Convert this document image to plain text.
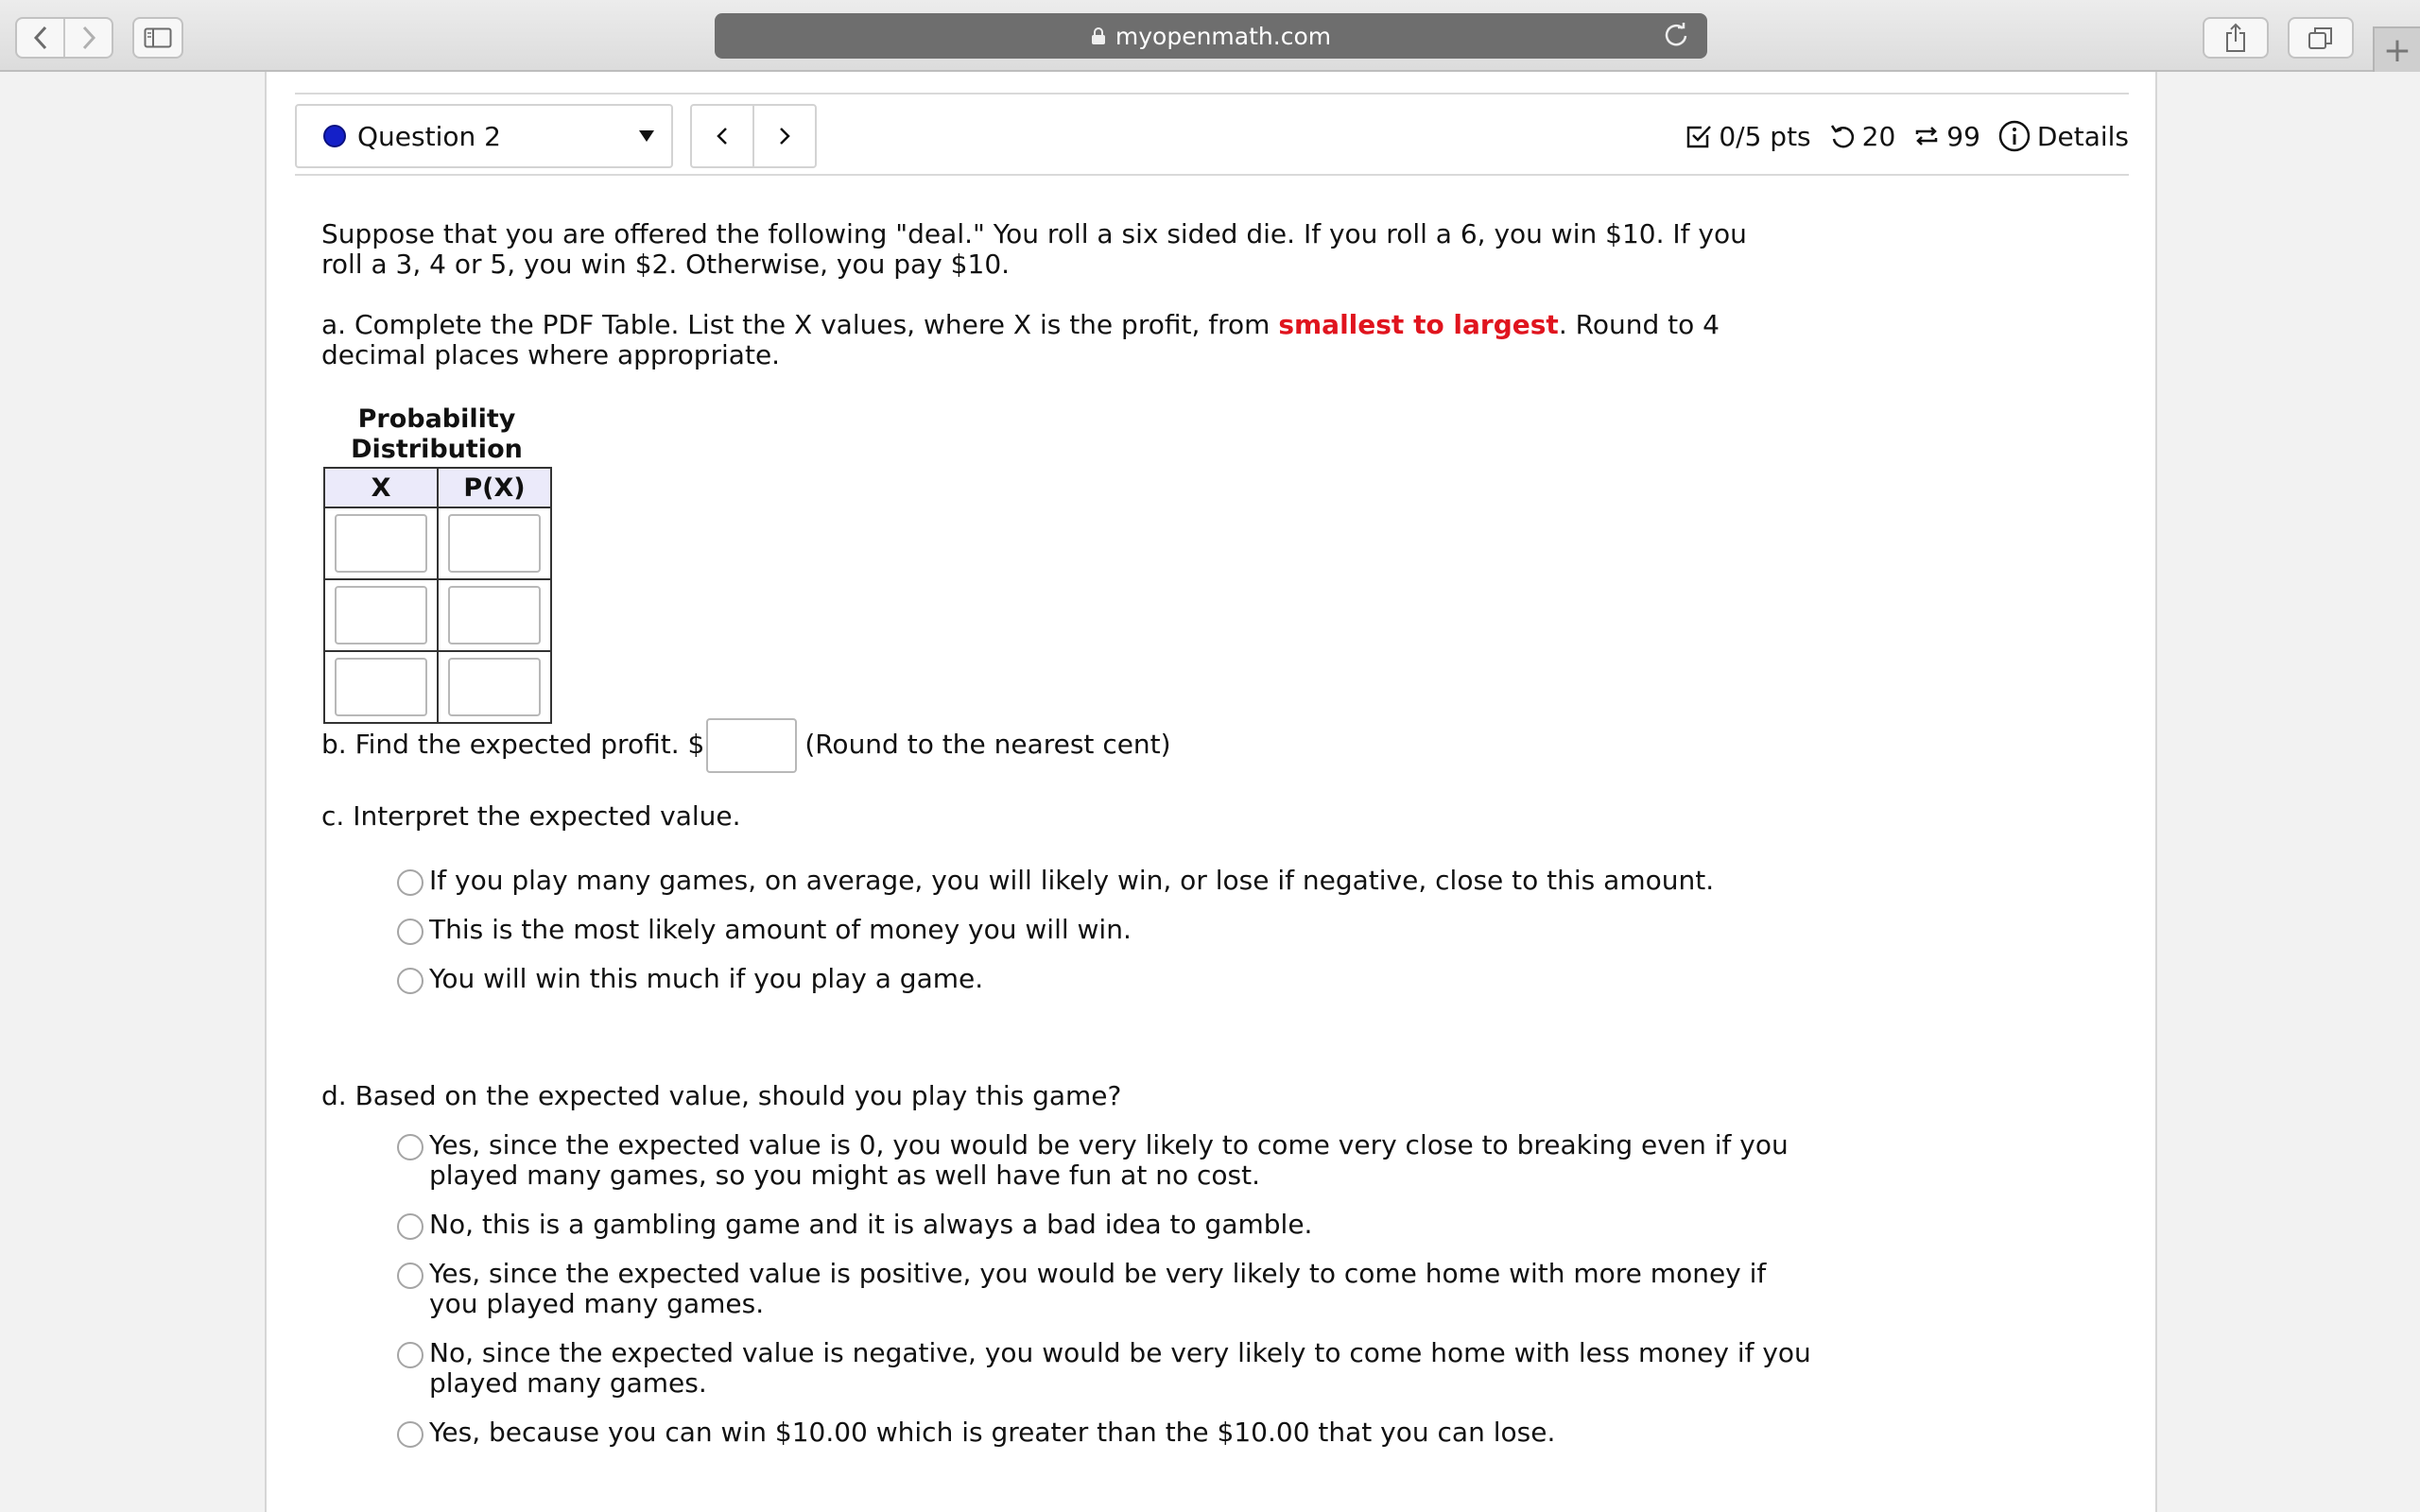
myopenmath.com	+
Question 2	0/5 pts 20 99 Details
Suppose that you are offered the following "deal." You roll a six sided die. If you roll a 6, you win $10. If you
roll a 3, 4 or 5, you win $2. Otherwise, you pay $10.
a. Complete the PDF Table. List the X values, where X is the profit, from smallest to largest. Round to 4
decimal places where appropriate.
Probability
Distribution
X	P(X)

b. Find the expected profit. $	(Round to the nearest cent)
c. Interpret the expected value.
If you play many games, on average, you will likely win, or lose if negative, close to this amount.
This is the most likely amount of money you will win.
You will win this much if you play a game.
d. Based on the expected value, should you play this game?
Yes, since the expected value is 0, you would be very likely to come very close to breaking even if you
played many games, so you might as well have fun at no cost.
No, this is a gambling game and it is always a bad idea to gamble.
Yes, since the expected value is positive, you would be very likely to come home with more money if
you played many games.
No, since the expected value is negative, you would be very likely to come home with less money if you
played many games.
Yes, because you can win $10.00 which is greater than the $10.00 that you can lose.
